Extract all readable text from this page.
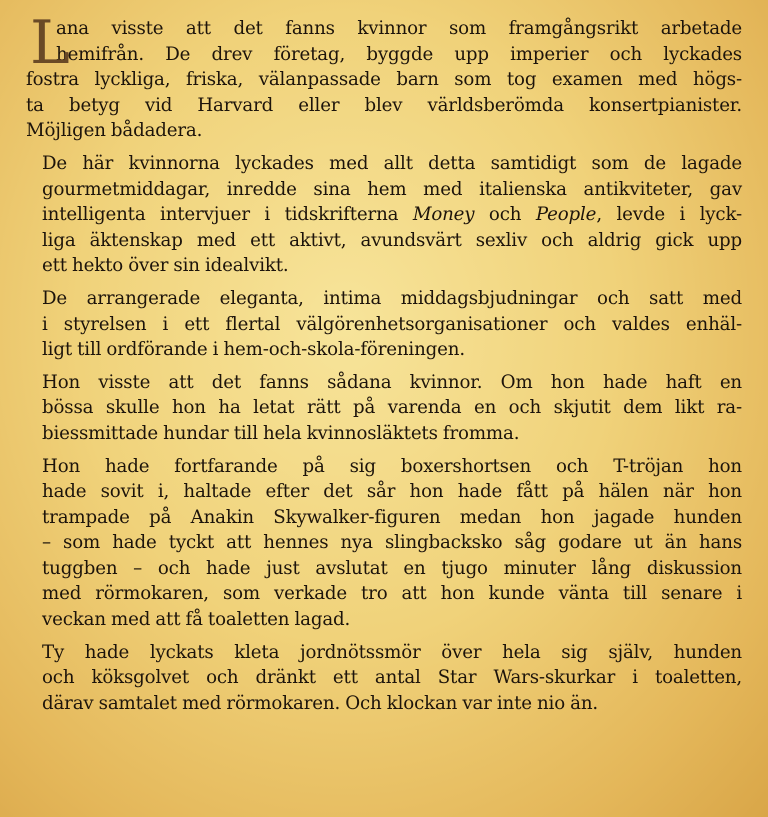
L
ana visste att det fanns kvinnor som framgångsrikt arbetade
hemifrån. De drev företag, byggde upp imperier och lyckades
fostra lyckliga, friska, välanpassade barn som tog examen med högs-
ta betyg vid Harvard eller blev världsberömda konsertpianister.
Möjligen bådadera.
De här kvinnorna lyckades med allt detta samtidigt som de lagade
gourmetmiddagar, inredde sina hem med italienska antikviteter, gav
intelligenta intervjuer i tidskrifterna Money och People, levde i lyck-
liga äktenskap med ett aktivt, avundsvärt sexliv och aldrig gick upp
ett hekto över sin idealvikt.
De arrangerade eleganta, intima middagsbjudningar och satt med
i styrelsen i ett flertal välgörenhetsorganisationer och valdes enhäl-
ligt till ordförande i hem-och-skola-föreningen.
Hon visste att det fanns sådana kvinnor. Om hon hade haft en
bössa skulle hon ha letat rätt på varenda en och skjutit dem likt ra-
biessmittade hundar till hela kvinnosläktets fromma.
Hon hade fortfarande på sig boxershortsen och T-tröjan hon
hade sovit i, haltade efter det sår hon hade fått på hälen när hon
trampade på Anakin Skywalker-figuren medan hon jagade hunden
– som hade tyckt att hennes nya slingbacksko såg godare ut än hans
tuggben – och hade just avslutat en tjugo minuter lång diskussion
med rörmokaren, som verkade tro att hon kunde vänta till senare i
veckan med att få toaletten lagad.
Ty hade lyckats kleta jordnötssmör över hela sig själv, hunden
och köksgolvet och dränkt ett antal Star Wars-skurkar i toaletten,
därav samtalet med rörmokaren. Och klockan var inte nio än.
